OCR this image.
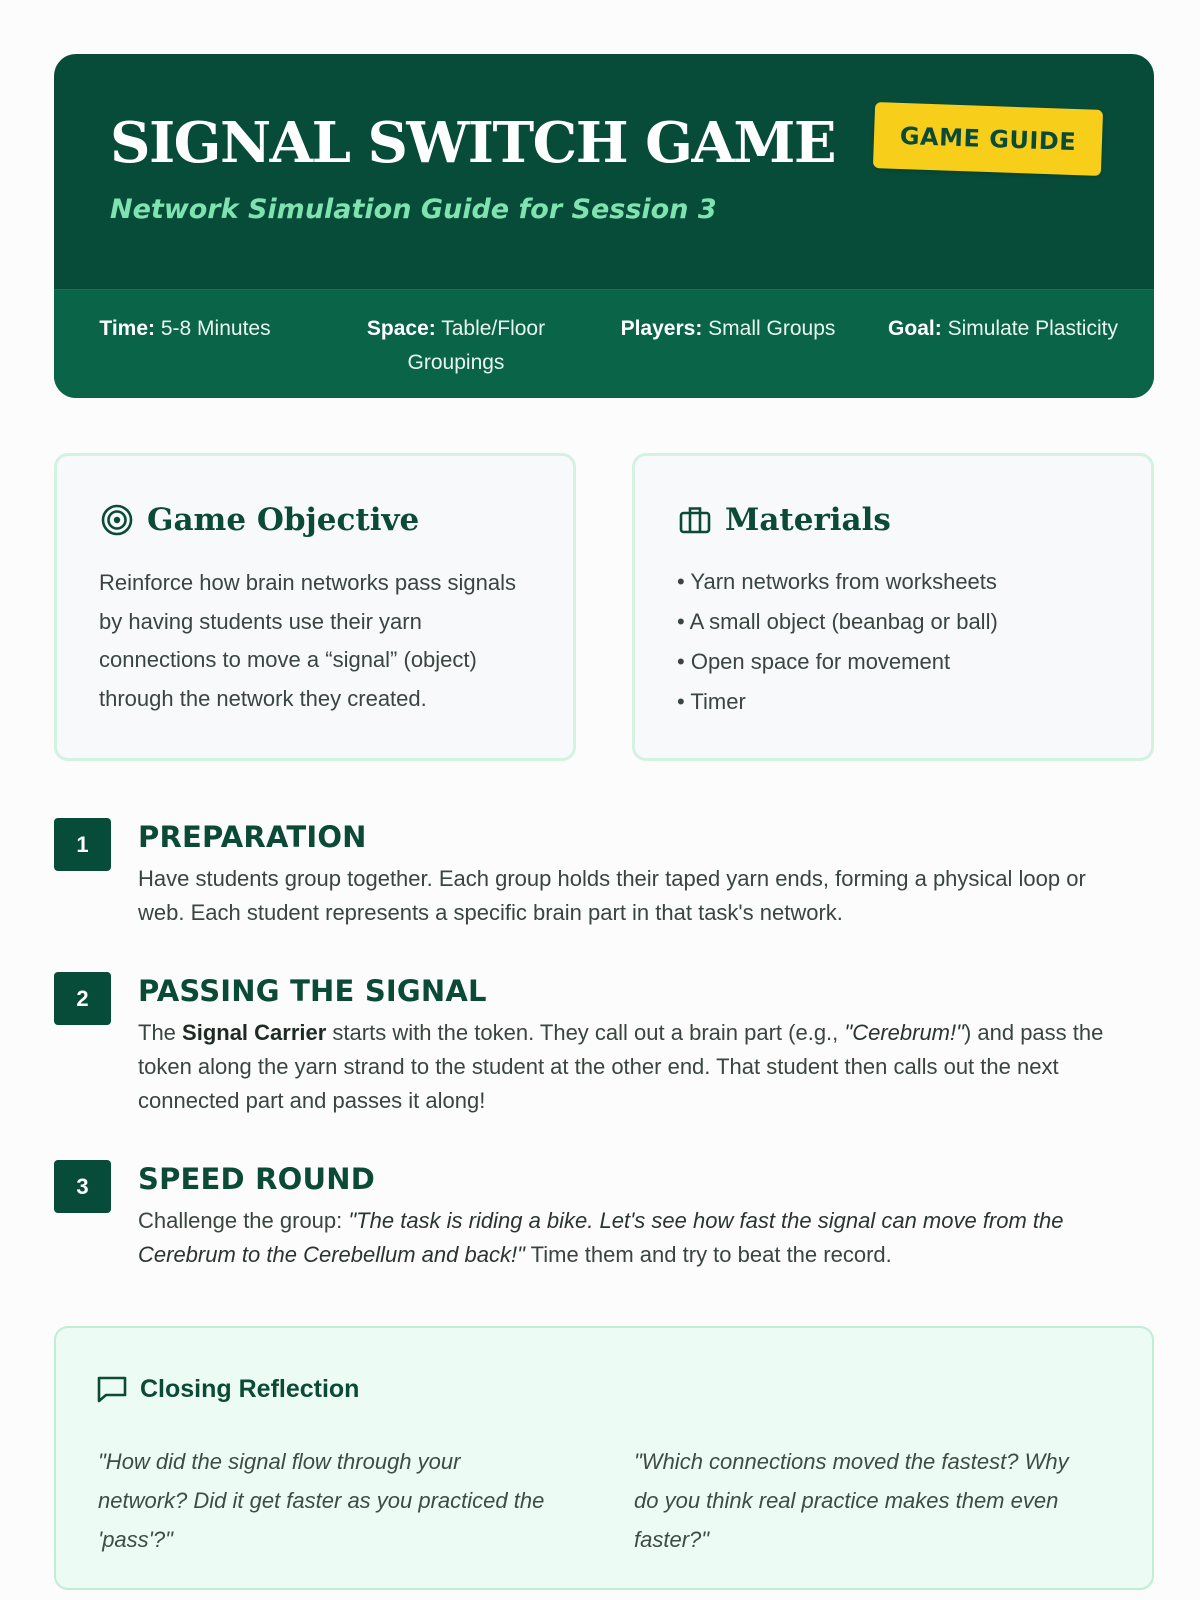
SIGNAL SWITCH GAME
Network Simulation Guide for Session 3
GAME GUIDE
Time: 5-8 Minutes	Space: Table/Floor Groupings
Players: Small Groups	Goal: Simulate Plasticity
Game Objective
Reinforce how brain networks pass signals by having students use their yarn connections to move a “signal” (object) through the network they created.
Materials
• Yarn networks from worksheets
• A small object (beanbag or ball)
• Open space for movement
• Timer
1	PREPARATION
Have students group together. Each group holds their taped yarn ends, forming a physical loop or web. Each student represents a specific brain part in that task's network.
2	PASSING THE SIGNAL
The Signal Carrier starts with the token. They call out a brain part (e.g., "Cerebrum!") and pass the token along the yarn strand to the student at the other end. That student then calls out the next connected part and passes it along!
3	SPEED ROUND
Challenge the group: "The task is riding a bike. Let's see how fast the signal can move from the Cerebrum to the Cerebellum and back!" Time them and try to beat the record.
Closing Reflection
"How did the signal flow through your network? Did it get faster as you practiced the 'pass'?"
"Which connections moved the fastest? Why do you think real practice makes them even faster?"
